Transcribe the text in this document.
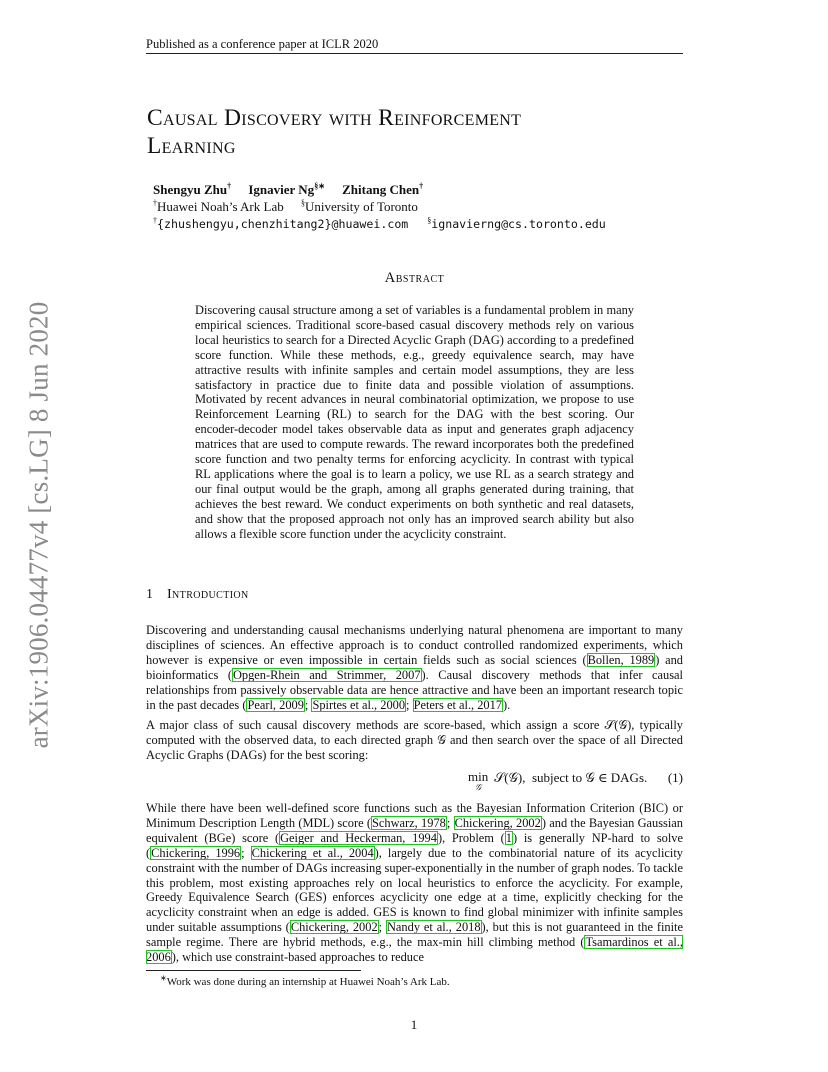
Published as a conference paper at ICLR 2020
arXiv:1906.04477v4 [cs.LG] 8 Jun 2020
Causal Discovery with Reinforcement
Learning
Shengyu Zhu† Ignavier Ng§∗ Zhitang Chen†
†Huawei Noah’s Ark Lab §University of Toronto
†{zhushengyu,chenzhitang2}@huawei.com §ignavierng@cs.toronto.edu
Abstract
Discovering causal structure among a set of variables is a fundamental problem in many empirical sciences. Traditional score-based casual discovery methods rely on various local heuristics to search for a Directed Acyclic Graph (DAG) according to a predefined score function. While these methods, e.g., greedy equivalence search, may have attractive results with infinite samples and certain model assumptions, they are less satisfactory in practice due to finite data and possible violation of assumptions. Motivated by recent advances in neural combinatorial optimization, we propose to use Reinforcement Learning (RL) to search for the DAG with the best scoring. Our encoder-decoder model takes observable data as input and generates graph adjacency matrices that are used to compute rewards. The reward incorporates both the predefined score function and two penalty terms for enforcing acyclicity. In contrast with typical RL applications where the goal is to learn a policy, we use RL as a search strategy and our final output would be the graph, among all graphs generated during training, that achieves the best reward. We conduct experiments on both synthetic and real datasets, and show that the proposed approach not only has an improved search ability but also allows a flexible score function under the acyclicity constraint.
1 Introduction
Discovering and understanding causal mechanisms underlying natural phenomena are important to many disciplines of sciences. An effective approach is to conduct controlled randomized experiments, which however is expensive or even impossible in certain fields such as social sciences (Bollen, 1989) and bioinformatics (Opgen-Rhein and Strimmer, 2007). Causal discovery methods that infer causal relationships from passively observable data are hence attractive and have been an important research topic in the past decades (Pearl, 2009; Spirtes et al., 2000; Peters et al., 2017).
A major class of such causal discovery methods are score-based, which assign a score 𝒮(𝒢), typically computed with the observed data, to each directed graph 𝒢 and then search over the space of all Directed Acyclic Graphs (DAGs) for the best scoring:
min
𝒢
𝒮(𝒢), subject to 𝒢 ∈ DAGs. (1)
While there have been well-defined score functions such as the Bayesian Information Criterion (BIC) or Minimum Description Length (MDL) score (Schwarz, 1978; Chickering, 2002) and the Bayesian Gaussian equivalent (BGe) score (Geiger and Heckerman, 1994), Problem (1) is generally NP-hard to solve (Chickering, 1996; Chickering et al., 2004), largely due to the combinatorial nature of its acyclicity constraint with the number of DAGs increasing super-exponentially in the number of graph nodes. To tackle this problem, most existing approaches rely on local heuristics to enforce the acyclicity. For example, Greedy Equivalence Search (GES) enforces acyclicity one edge at a time, explicitly checking for the acyclicity constraint when an edge is added. GES is known to find global minimizer with infinite samples under suitable assumptions (Chickering, 2002; Nandy et al., 2018), but this is not guaranteed in the finite sample regime. There are hybrid methods, e.g., the max-min hill climbing method (Tsamardinos et al., 2006), which use constraint-based approaches to reduce
∗Work was done during an internship at Huawei Noah’s Ark Lab.
1
